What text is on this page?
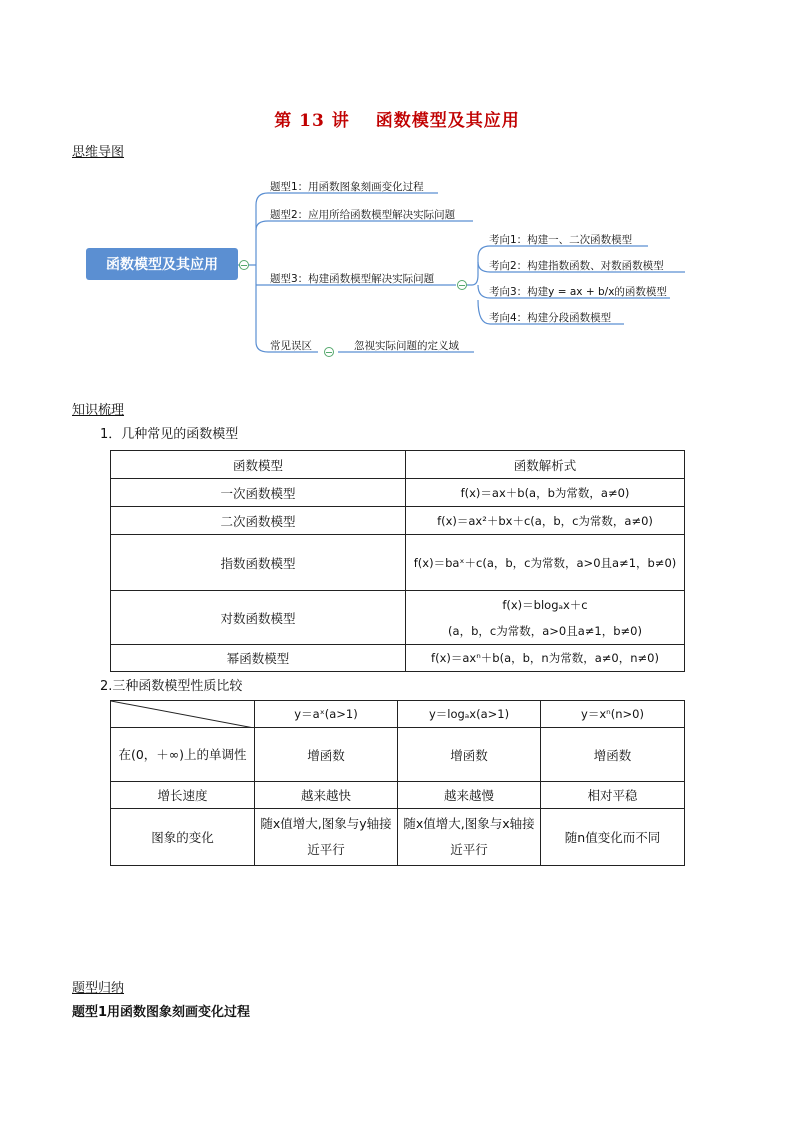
第 13 讲 函数模型及其应用
思维导图
函数模型及其应用
题型1：用函数图象刻画变化过程
题型2：应用所给函数模型解决实际问题
题型3：构建函数模型解决实际问题
常见误区	忽视实际问题的定义域
考向1：构建一、二次函数模型
考向2：构建指数函数、对数函数模型
考向3：构建y = ax + b/x的函数模型
考向4：构建分段函数模型
知识梳理
1．几种常见的函数模型
函数模型	函数解析式
一次函数模型	f(x)＝ax＋b(a，b为常数，a≠0)
二次函数模型	f(x)＝ax²＋bx＋c(a，b，c为常数，a≠0)
指数函数模型	f(x)＝baˣ＋c(a，b，c为常数，a>0且a≠1，b≠0)
对数函数模型	f(x)＝blogₐx＋c
(a，b，c为常数，a>0且a≠1，b≠0)

幂函数模型	f(x)＝axⁿ＋b(a，b，n为常数，a≠0，n≠0)
2.三种函数模型性质比较
	y＝aˣ(a>1)	y＝logₐx(a>1)	y＝xⁿ(n>0)
在(0，＋∞)上的单调性	增函数	增函数	增函数
增长速度	越来越快	越来越慢	相对平稳
图象的变化	随x值增大,图象与y轴接近平行	随x值增大,图象与x轴接近平行	随n值变化而不同
题型归纳
题型1用函数图象刻画变化过程
